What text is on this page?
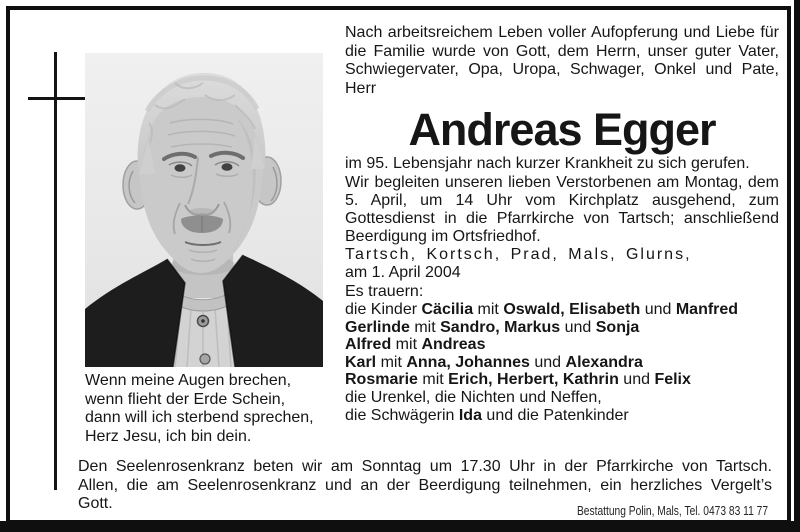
Wenn meine Augen brechen,
wenn flieht der Erde Schein,
dann will ich sterbend sprechen,
Herz Jesu, ich bin dein.

Nach arbeitsreichem Leben voller Aufopferung und Liebe für die Familie wurde von Gott, dem Herrn, unser guter Vater, Schwiegervater, Opa, Uropa, Schwager, Onkel und Pate, Herr

Andreas Egger

im 95. Lebensjahr nach kurzer Krankheit zu sich gerufen.

Wir begleiten unseren lieben Verstorbenen am Montag, dem 5. April, um 14 Uhr vom Kirchplatz ausgehend, zum Gottesdienst in die Pfarrkirche von Tartsch; anschließend Beerdigung im Ortsfriedhof.

Tartsch, Kortsch, Prad, Mals, Glurns,

am 1. April 2004

Es trauern:

die Kinder Cäcilia mit Oswald, Elisabeth und Manfred
Gerlinde mit Sandro, Markus und Sonja
Alfred mit Andreas
Karl mit Anna, Johannes und Alexandra
Rosmarie mit Erich, Herbert, Kathrin und Felix
die Urenkel, die Nichten und Neffen,
die Schwägerin Ida und die Patenkinder
Den Seelenrosenkranz beten wir am Sonntag um 17.30 Uhr in der Pfarrkirche von Tartsch.
Allen, die am Seelenrosenkranz und an der Beerdigung teilnehmen, ein herzliches Vergelt’s
Gott.	Bestattung Polin, Mals, Tel. 0473 83 11 77
